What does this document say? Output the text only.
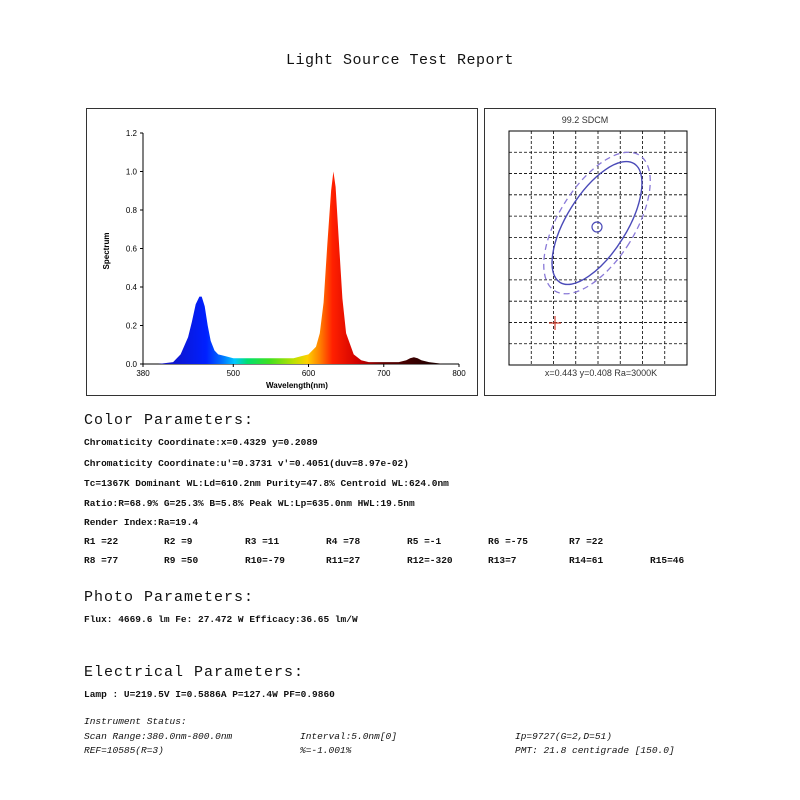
Light Source Test Report
0.0
0.2
0.4
0.6
0.8
1.0
1.2
380	500	600	700	800
Spectrum
Wavelength(nm)
99.2 SDCM
x=0.443 y=0.408 Ra=3000K
Color Parameters:
Chromaticity Coordinate:x=0.4329 y=0.2089
Chromaticity Coordinate:u'=0.3731 v'=0.4051(duv=8.97e-02)
Tc=1367K Dominant WL:Ld=610.2nm Purity=47.8% Centroid WL:624.0nm
Ratio:R=68.9% G=25.3% B=5.8% Peak WL:Lp=635.0nm HWL:19.5nm
Render Index:Ra=19.4
R1 =22	R2 =9	R3 =11	R4 =78	R5 =-1	R6 =-75	R7 =22
R8 =77	R9 =50	R10=-79	R11=27	R12=-320	R13=7	R14=61	R15=46
Photo Parameters:
Flux: 4669.6 lm Fe: 27.472 W Efficacy:36.65 lm/W
Electrical Parameters:
Lamp : U=219.5V I=0.5886A P=127.4W PF=0.9860
Instrument Status:
Scan Range:380.0nm-800.0nm	Interval:5.0nm[0]	Ip=9727(G=2,D=51)
REF=10585(R=3)	%=-1.001%	PMT: 21.8 centigrade [150.0]
